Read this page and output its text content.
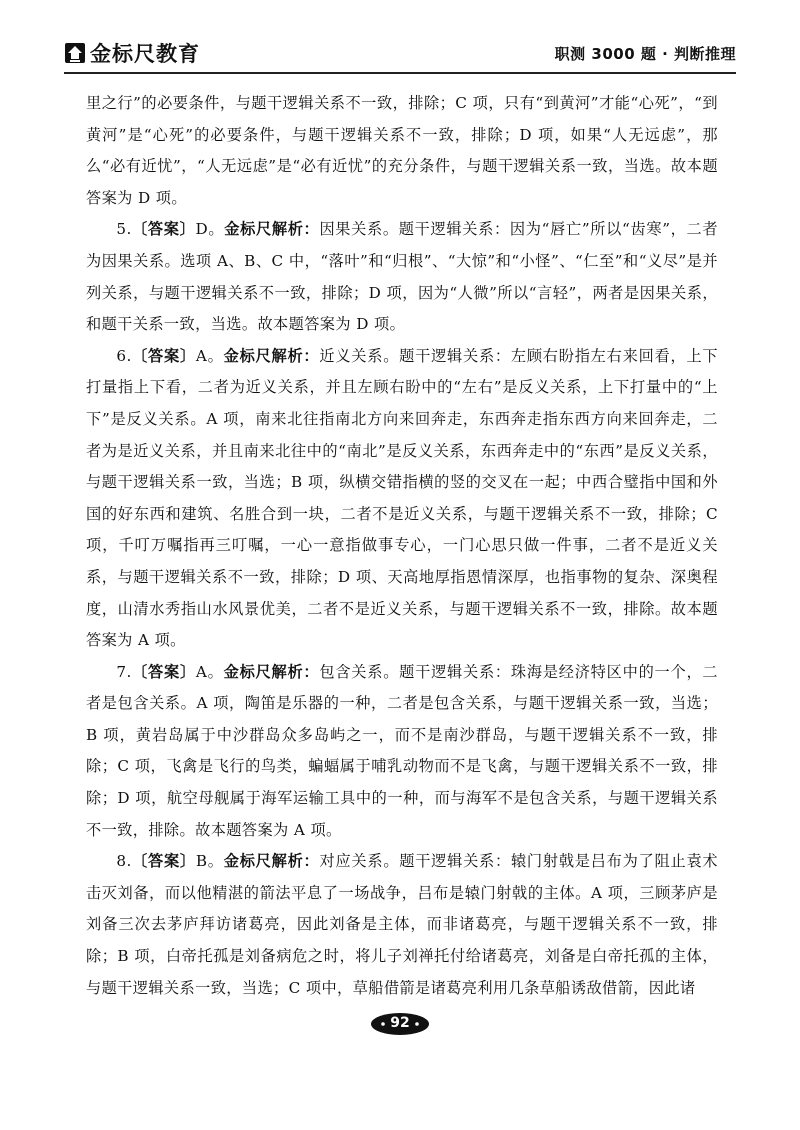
金标尺教育	职测 3000 题 · 判断推理

里之行”的必要条件，与题干逻辑关系不一致，排除；C 项，只有“到黄河”才能“心死”，“到黄河”是“心死”的必要条件，与题干逻辑关系不一致，排除；D 项，如果“人无远虑”，那么“必有近忧”，“人无远虑”是“必有近忧”的充分条件，与题干逻辑关系一致，当选。故本题答案为 D 项。

5.〔答案〕D。金标尺解析：因果关系。题干逻辑关系：因为“唇亡”所以“齿寒”，二者为因果关系。选项 A、B、C 中，“落叶”和“归根”、“大惊”和“小怪”、“仁至”和“义尽”是并列关系，与题干逻辑关系不一致，排除；D 项，因为“人微”所以“言轻”，两者是因果关系，和题干关系一致，当选。故本题答案为 D 项。

6.〔答案〕A。金标尺解析：近义关系。题干逻辑关系：左顾右盼指左右来回看，上下打量指上下看，二者为近义关系，并且左顾右盼中的“左右”是反义关系，上下打量中的“上下”是反义关系。A 项，南来北往指南北方向来回奔走，东西奔走指东西方向来回奔走，二者为是近义关系，并且南来北往中的“南北”是反义关系，东西奔走中的“东西”是反义关系，与题干逻辑关系一致，当选；B 项，纵横交错指横的竖的交叉在一起；中西合璧指中国和外国的好东西和建筑、名胜合到一块，二者不是近义关系，与题干逻辑关系不一致，排除；C 项，千叮万嘱指再三叮嘱，一心一意指做事专心，一门心思只做一件事，二者不是近义关系，与题干逻辑关系不一致，排除；D 项、天高地厚指恩情深厚，也指事物的复杂、深奥程度，山清水秀指山水风景优美，二者不是近义关系，与题干逻辑关系不一致，排除。故本题答案为 A 项。

7.〔答案〕A。金标尺解析：包含关系。题干逻辑关系：珠海是经济特区中的一个，二者是包含关系。A 项，陶笛是乐器的一种，二者是包含关系，与题干逻辑关系一致，当选；B 项，黄岩岛属于中沙群岛众多岛屿之一，而不是南沙群岛，与题干逻辑关系不一致，排除；C 项，飞禽是飞行的鸟类，蝙蝠属于哺乳动物而不是飞禽，与题干逻辑关系不一致，排除；D 项，航空母舰属于海军运输工具中的一种，而与海军不是包含关系，与题干逻辑关系不一致，排除。故本题答案为 A 项。

8.〔答案〕B。金标尺解析：对应关系。题干逻辑关系：辕门射戟是吕布为了阻止袁术击灭刘备，而以他精湛的箭法平息了一场战争，吕布是辕门射戟的主体。A 项，三顾茅庐是刘备三次去茅庐拜访诸葛亮，因此刘备是主体，而非诸葛亮，与题干逻辑关系不一致，排除；B 项，白帝托孤是刘备病危之时，将儿子刘禅托付给诸葛亮，刘备是白帝托孤的主体，与题干逻辑关系一致，当选；C 项中，草船借箭是诸葛亮利用几条草船诱敌借箭，因此诸

92
